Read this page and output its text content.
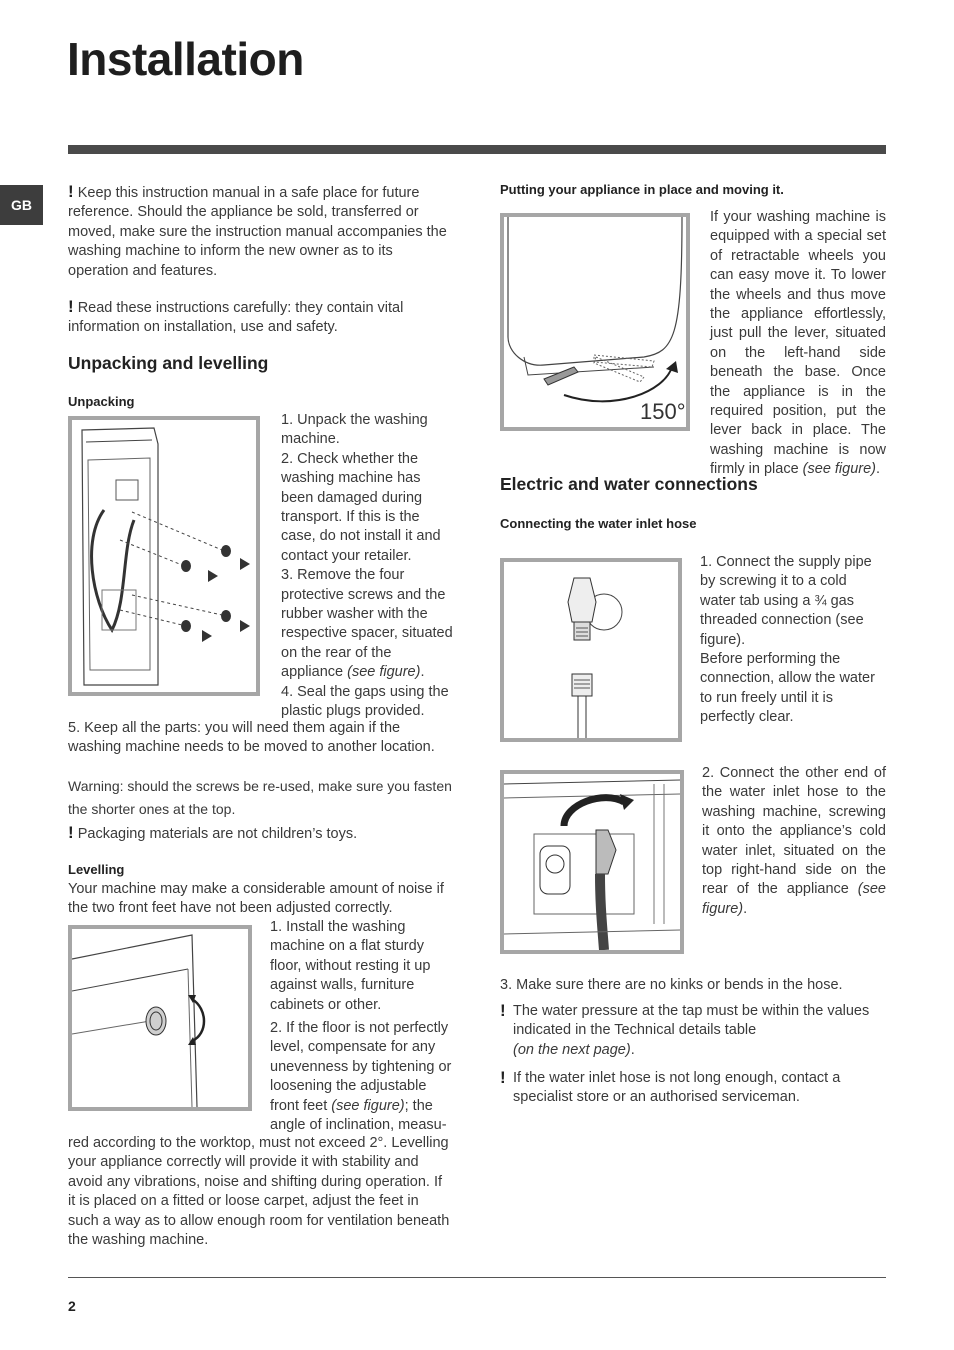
Installation
GB
! Keep this instruction manual in a safe place for future reference. Should the appliance be sold, transferred or moved, make sure the instruction manual accompanies the washing machine to inform the new owner as to its operation and features.
! Read these instructions carefully: they contain vital information on installation, use and safety.
Unpacking and levelling
Unpacking
1. Unpack the washing machine.
2. Check whether the washing machine has been damaged during transport. If this is the case, do not install it and contact your retailer.
3. Remove the four protective screws and the rubber washer with the respective spacer, situated on the rear of the appliance (see figure).
4. Seal the gaps using the plastic plugs provided.
5. Keep all the parts: you will need them again if the washing machine needs to be moved to another location.
Warning: should the screws be re-used, make sure you fasten the shorter ones at the top.
! Packaging materials are not children’s toys.
Levelling
Your machine may make a considerable amount of noise if the two front feet have not been adjusted correctly.
1. Install the washing machine on a flat sturdy floor, without resting it up against walls, furniture cabinets or other.
2. If the floor is not perfectly level, compensate for any unevenness by tightening or loosening the adjustable front feet (see figure); the angle of inclination, measu-
red according to the worktop, must not exceed 2°. Levelling your appliance correctly will provide it with stability and avoid any vibrations, noise and shifting during operation. If it is placed on a fitted or loose carpet, adjust the feet in such a way as to allow enough room for ventilation beneath the washing machine.
Putting your appliance in place and moving it.
150°
If your washing machine is equipped with a special set of retractable wheels you can easy move it. To lower the wheels and thus move the appliance effortlessly, just pull the lever, situated on the left-hand side beneath the base. Once the appliance is in the required position, put the lever back in place. The washing machine is now firmly in place (see figure).
Electric and water connections
Connecting the water inlet hose
1. Connect the supply pipe by screwing it to a cold water tab using a ¾ gas threaded connection (see figure).
Before performing the connection, allow the water to run freely until it is perfectly clear.
2. Connect the other end of the water inlet hose to the washing machine, screwing it onto the appliance’s cold water inlet, situated on the top right-hand side on the rear of the appliance (see figure).
3. Make sure there are no kinks or bends in the hose.
! The water pressure at the tap must be within the values indicated in the Technical details table
(on the next page).
! If the water inlet hose is not long enough, contact a specialist store or an authorised serviceman.
2
